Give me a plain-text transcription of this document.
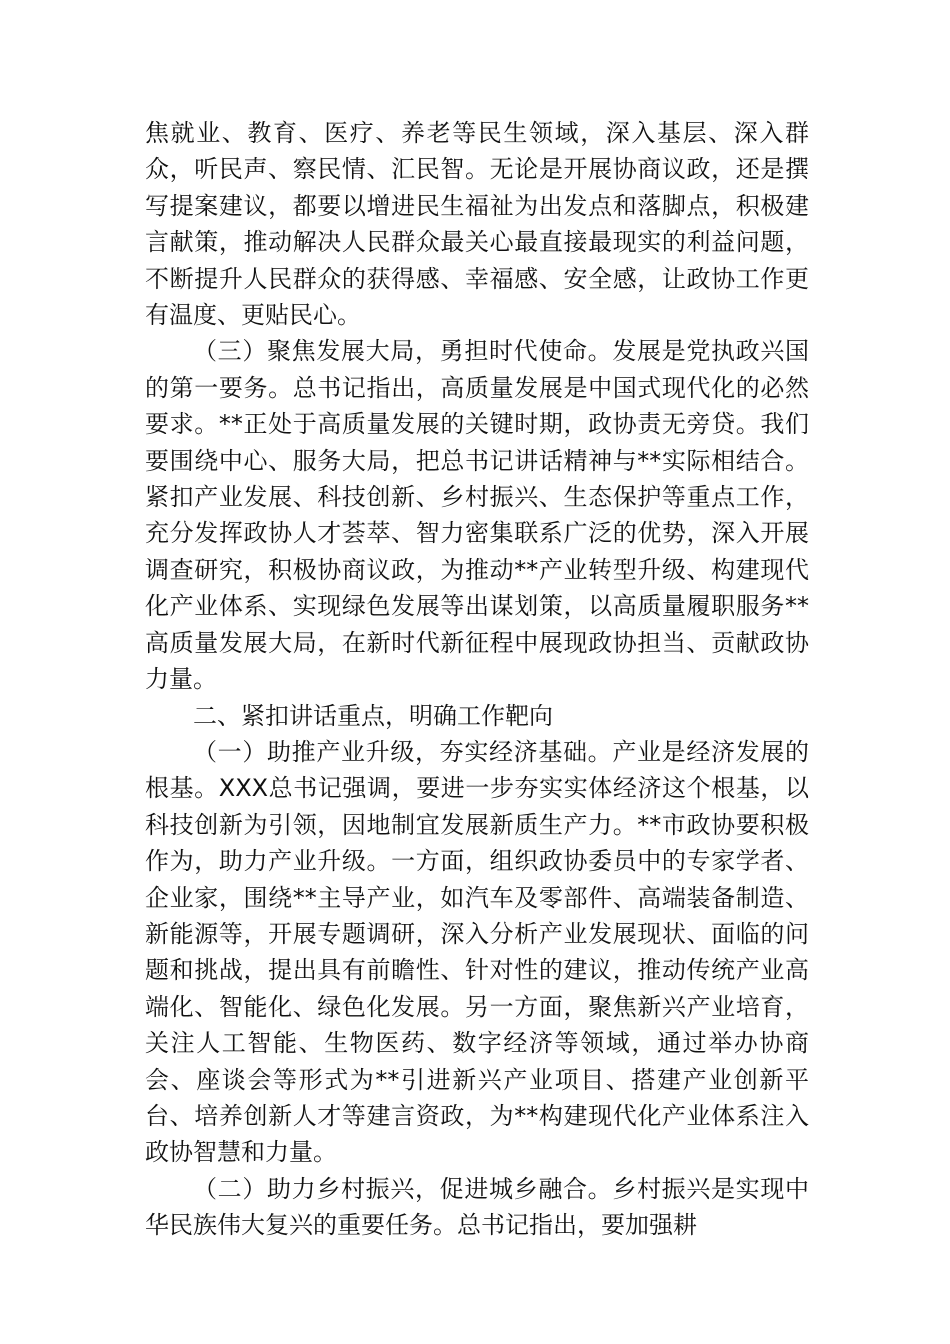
焦就业、教育、医疗、养老等民生领域，深入基层、深入群众，听民声、察民情、汇民智。无论是开展协商议政，还是撰写提案建议，都要以增进民生福祉为出发点和落脚点，积极建言献策，推动解决人民群众最关心最直接最现实的利益问题，不断提升人民群众的获得感、幸福感、安全感，让政协工作更有温度、更贴民心。

（三）聚焦发展大局，勇担时代使命。发展是党执政兴国的第一要务。总书记指出，高质量发展是中国式现代化的必然要求。**正处于高质量发展的关键时期，政协责无旁贷。我们要围绕中心、服务大局，把总书记讲话精神与**实际相结合。紧扣产业发展、科技创新、乡村振兴、生态保护等重点工作，充分发挥政协人才荟萃、智力密集联系广泛的优势，深入开展调查研究，积极协商议政，为推动**产业转型升级、构建现代化产业体系、实现绿色发展等出谋划策，以高质量履职服务**高质量发展大局，在新时代新征程中展现政协担当、贡献政协力量。

二、紧扣讲话重点，明确工作靶向

（一）助推产业升级，夯实经济基础。产业是经济发展的根基。XXX总书记强调，要进一步夯实实体经济这个根基，以科技创新为引领，因地制宜发展新质生产力。**市政协要积极作为，助力产业升级。一方面，组织政协委员中的专家学者、企业家，围绕**主导产业，如汽车及零部件、高端装备制造、新能源等，开展专题调研，深入分析产业发展现状、面临的问题和挑战，提出具有前瞻性、针对性的建议，推动传统产业高端化、智能化、绿色化发展。另一方面，聚焦新兴产业培育，关注人工智能、生物医药、数字经济等领域，通过举办协商会、座谈会等形式为**引进新兴产业项目、搭建产业创新平台、培养创新人才等建言资政，为**构建现代化产业体系注入政协智慧和力量。

（二）助力乡村振兴，促进城乡融合。乡村振兴是实现中华民族伟大复兴的重要任务。总书记指出，要加强耕
